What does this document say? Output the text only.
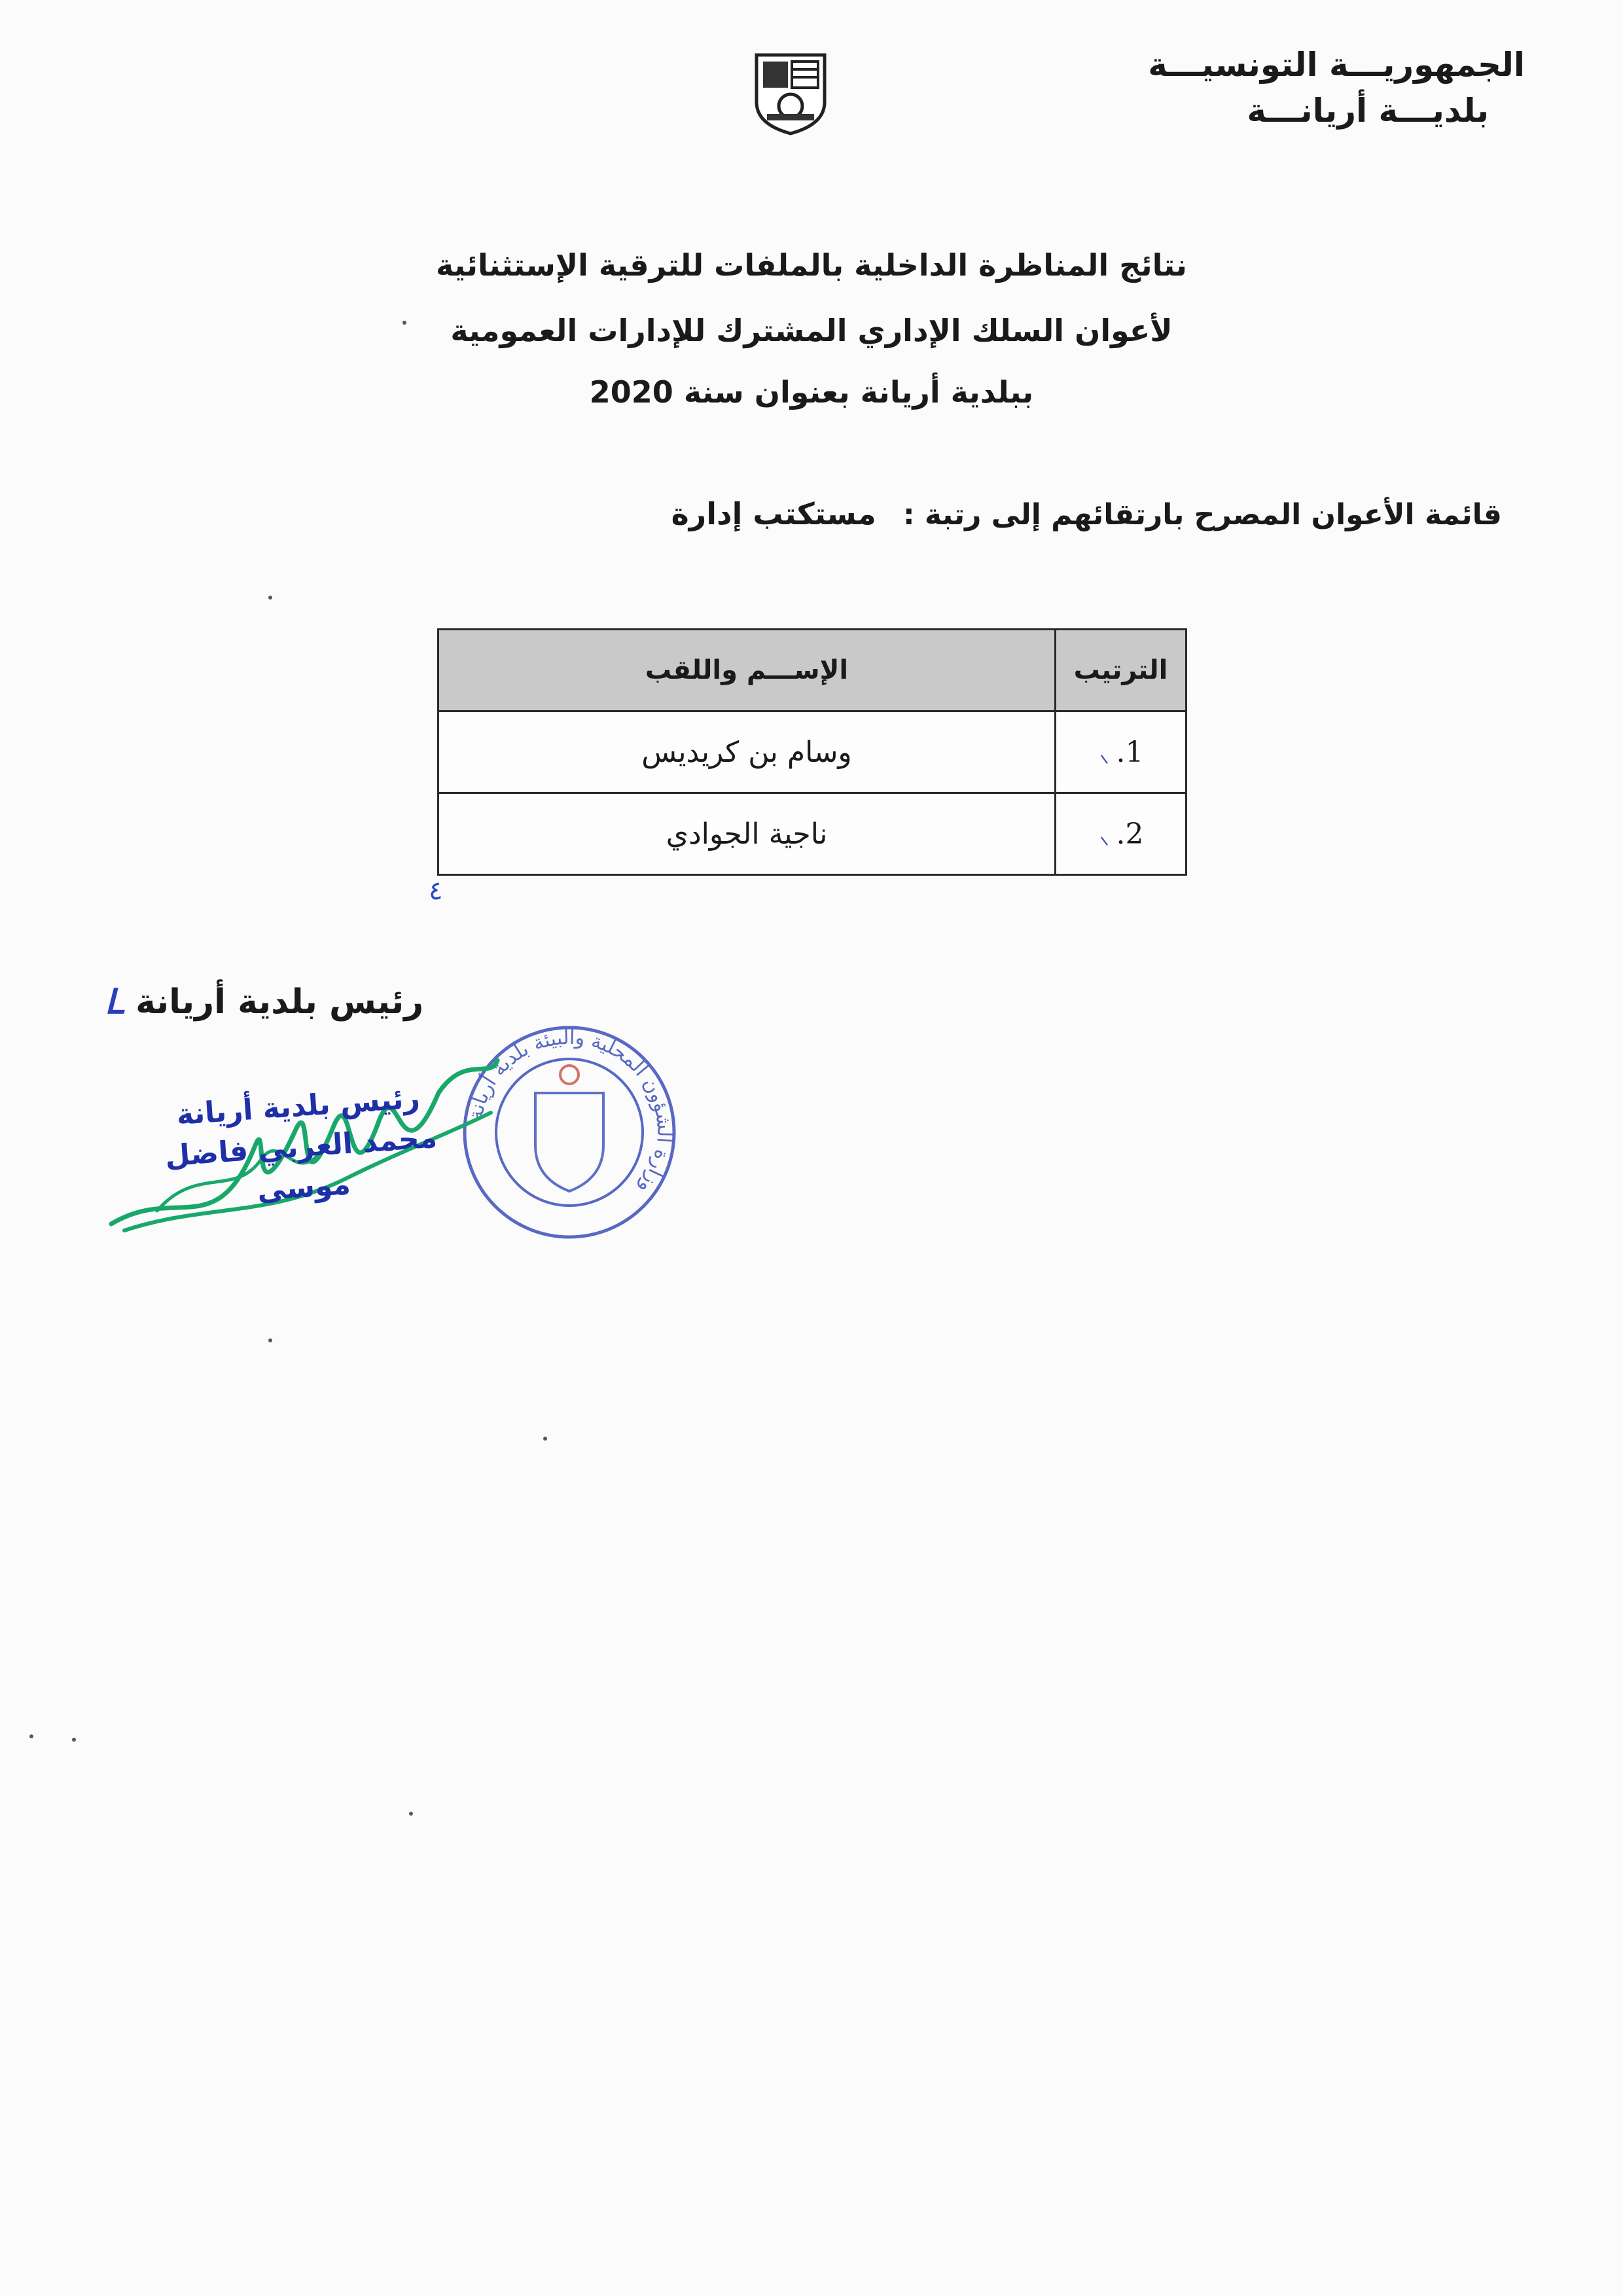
الجمهوريـــة التونسيـــة
بلديـــة أريانـــة
نتائج المناظرة الداخلية بالملفات للترقية الإستثنائية
لأعوان السلك الإداري المشترك للإدارات العمومية
ببلدية أريانة بعنوان سنة 2020
قائمة الأعوان المصرح بارتقائهم إلى رتبة : مستكتب إدارة
الترتيب	الإســـم واللقب
1.⸝	وسام بن كريديس
2.⸝	ناجية الجوادي
٤
رئيس بلدية أريانة ᒪ
وزارة الشؤون المحلية والبيئة بلدية أريانة
رئيس بلدية أريانة
محمد العربي فاضل موسى
